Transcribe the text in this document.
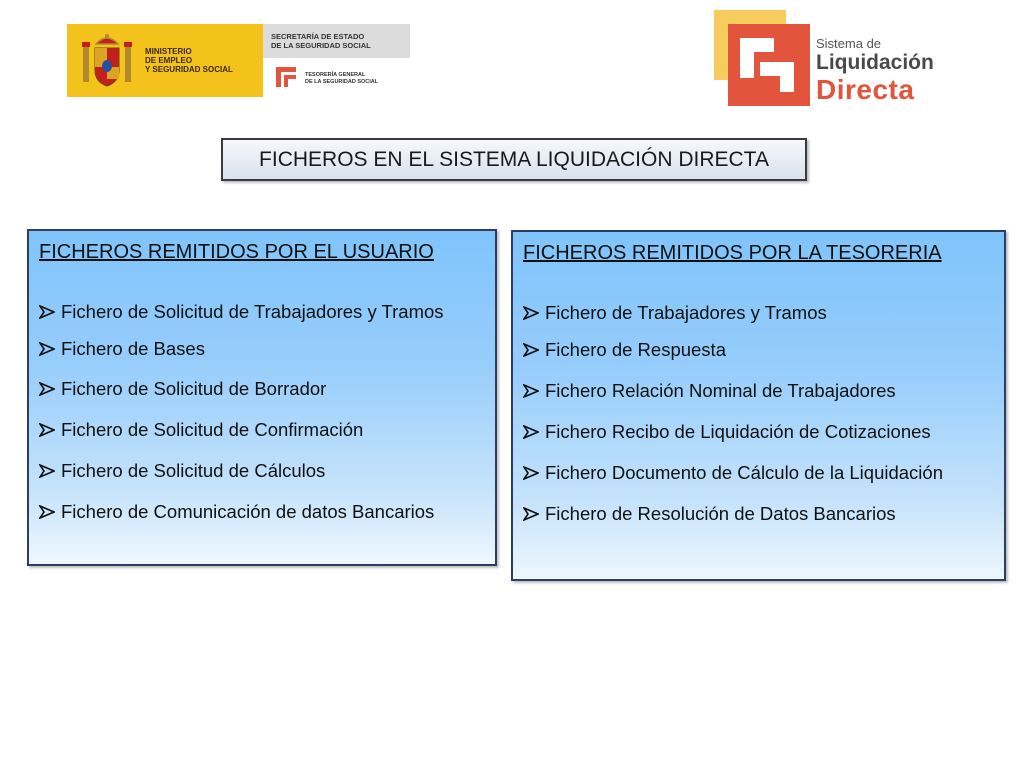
MINISTERIO
DE EMPLEO
Y SEGURIDAD SOCIAL
SECRETARÍA DE ESTADO
DE LA SEGURIDAD SOCIAL
TESORERÍA GENERAL
DE LA SEGURIDAD SOCIAL
Sistema de
Liquidación
Directa
FICHEROS EN EL SISTEMA LIQUIDACIÓN DIRECTA
FICHEROS REMITIDOS POR EL USUARIO
Fichero de Solicitud de Trabajadores y Tramos
Fichero de Bases
Fichero de Solicitud de Borrador
Fichero de Solicitud de Confirmación
Fichero de Solicitud de Cálculos
Fichero de Comunicación de datos Bancarios
FICHEROS REMITIDOS POR LA TESORERIA
Fichero de Trabajadores y Tramos
Fichero de Respuesta
Fichero Relación Nominal de Trabajadores
Fichero Recibo de Liquidación de Cotizaciones
Fichero Documento de Cálculo de la Liquidación
Fichero de Resolución de Datos Bancarios
